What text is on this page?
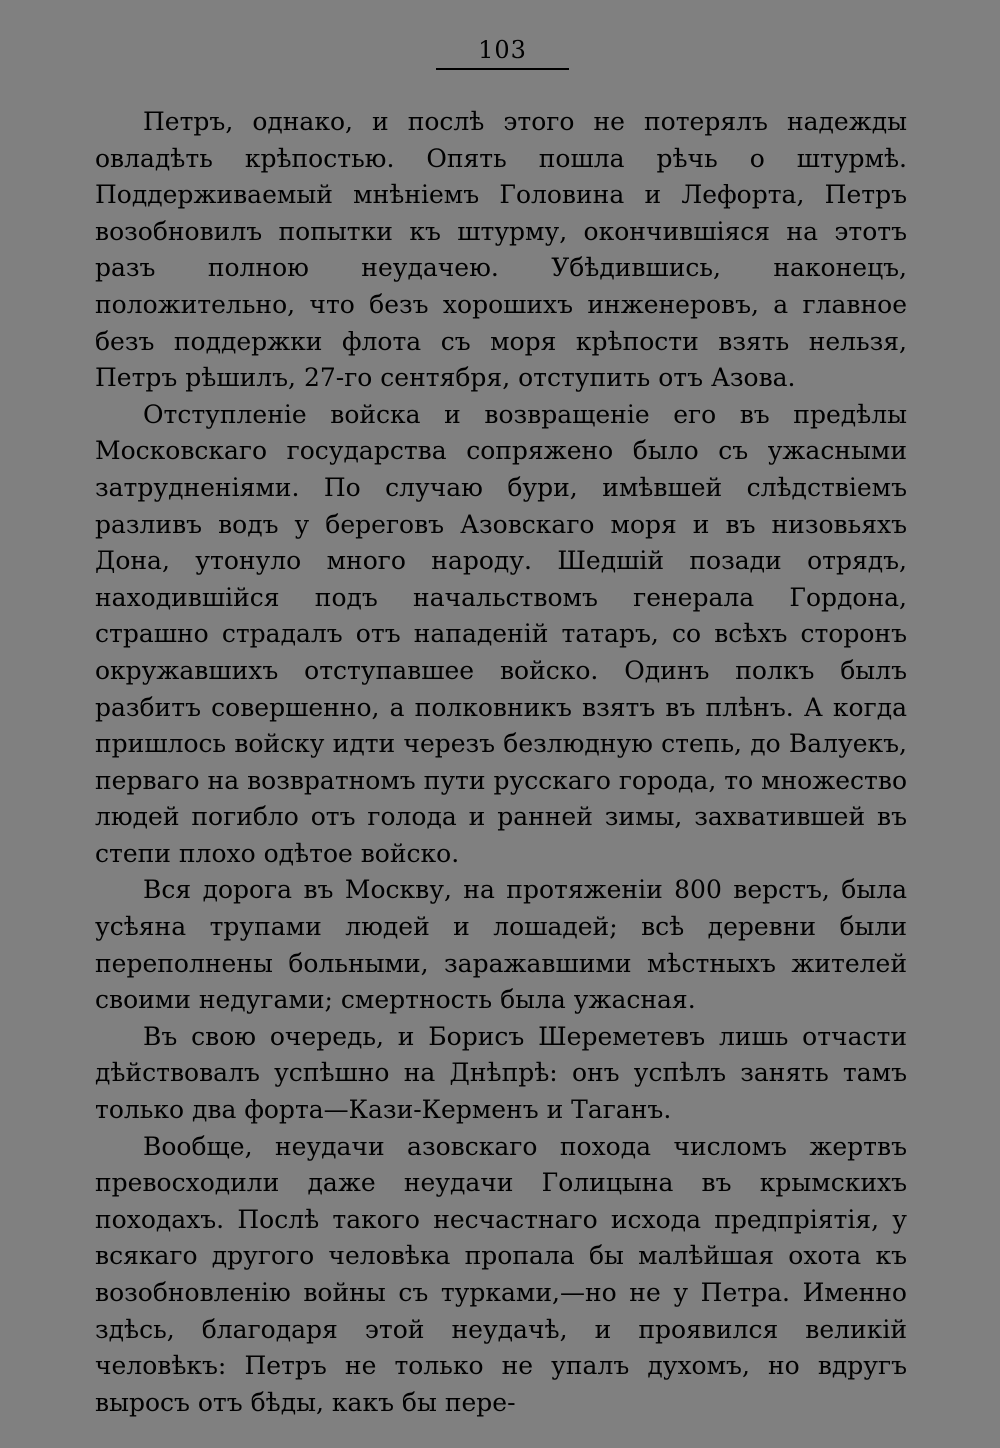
103

Петръ, однако, и послѣ этого не потерялъ надежды овладѣть крѣпостью. Опять пошла рѣчь о штурмѣ. Поддерживаемый мнѣніемъ Головина и Лефорта, Петръ возобновилъ попытки къ штурму, окончившіяся на этотъ разъ полною неудачею. Убѣдившись, наконецъ, положительно, что безъ хорошихъ инженеровъ, а главное безъ поддержки флота съ моря крѣпости взять нельзя, Петръ рѣшилъ, 27-го сентября, отступить отъ Азова.

Отступленіе войска и возвращеніе его въ предѣлы Московскаго государства сопряжено было съ ужасными затрудненіями. По случаю бури, имѣвшей слѣдствіемъ разливъ водъ у береговъ Азовскаго моря и въ низовьяхъ Дона, утонуло много народу. Шедшій позади отрядъ, находившійся подъ начальствомъ генерала Гордона, страшно страдалъ отъ нападеній татаръ, со всѣхъ сторонъ окружавшихъ отступавшее войско. Одинъ полкъ былъ разбитъ совершенно, а полковникъ взятъ въ плѣнъ. А когда пришлось войску идти черезъ безлюдную степь, до Валуекъ, перваго на возвратномъ пути русскаго города, то множество людей погибло отъ голода и ранней зимы, захватившей въ степи плохо одѣтое войско.

Вся дорога въ Москву, на протяженіи 800 верстъ, была усѣяна трупами людей и лошадей; всѣ деревни были переполнены больными, заражавшими мѣстныхъ жителей своими недугами; смертность была ужасная.

Въ свою очередь, и Борисъ Шереметевъ лишь отчасти дѣйствовалъ успѣшно на Днѣпрѣ: онъ успѣлъ занять тамъ только два форта—Кази-Керменъ и Таганъ.

Вообще, неудачи азовскаго похода числомъ жертвъ превосходили даже неудачи Голицына въ крымскихъ походахъ. Послѣ такого несчастнаго исхода предпріятія, у всякаго другого человѣка пропала бы малѣйшая охота къ возобновленію войны съ турками,—но не у Петра. Именно здѣсь, благодаря этой неудачѣ, и проявился великій человѣкъ: Петръ не только не упалъ духомъ, но вдругъ выросъ отъ бѣды, какъ бы пере-
